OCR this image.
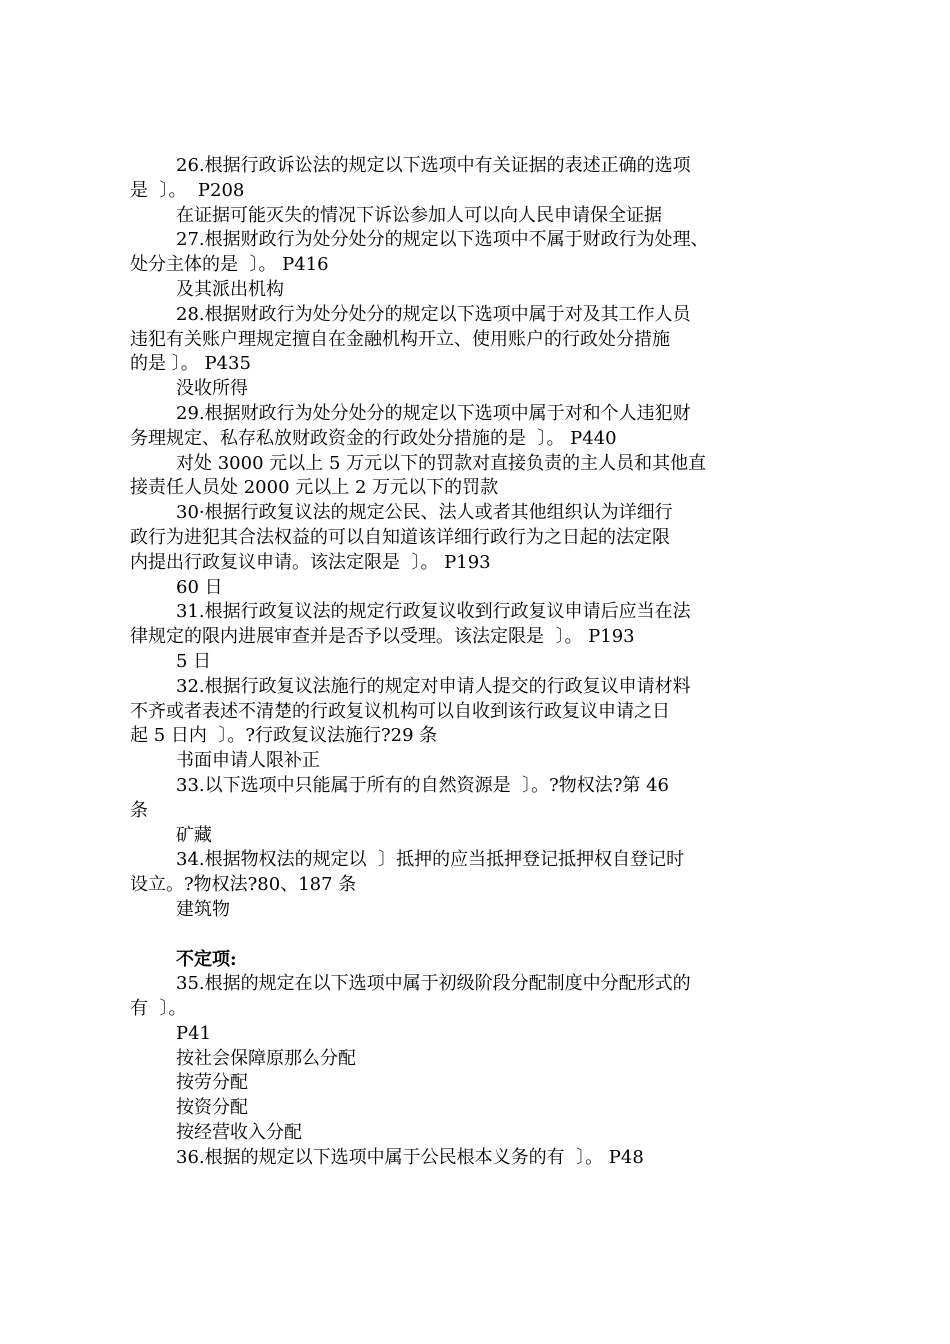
26.根据行政诉讼法的规定以下选项中有关证据的表述正确的选项
是  〕。  P208
在证据可能灭失的情况下诉讼参加人可以向人民申请保全证据
27.根据财政行为处分处分的规定以下选项中不属于财政行为处理、
处分主体的是  〕。 P416
及其派出机构
28.根据财政行为处分处分的规定以下选项中属于对及其工作人员
违犯有关账户理规定擅自在金融机构开立、使用账户的行政处分措施
的是 〕。 P435
没收所得
29.根据财政行为处分处分的规定以下选项中属于对和个人违犯财
务理规定、私存私放财政资金的行政处分措施的是  〕。 P440
对处 3000 元以上 5 万元以下的罚款对直接负责的主人员和其他直
接责任人员处 2000 元以上 2 万元以下的罚款
30·根据行政复议法的规定公民、法人或者其他组织认为详细行
政行为进犯其合法权益的可以自知道该详细行政行为之日起的法定限
内提出行政复议申请。该法定限是  〕。 P193
60 日
31.根据行政复议法的规定行政复议收到行政复议申请后应当在法
律规定的限内进展审查并是否予以受理。该法定限是  〕。 P193
5 日
32.根据行政复议法施行的规定对申请人提交的行政复议申请材料
不齐或者表述不清楚的行政复议机构可以自收到该行政复议申请之日
起 5 日内  〕。?行政复议法施行?29 条
书面申请人限补正
33.以下选项中只能属于所有的自然资源是  〕。?物权法?第 46
条
矿藏
34.根据物权法的规定以  〕抵押的应当抵押登记抵押权自登记时
设立。?物权法?80、187 条
建筑物
不定项:
35.根据的规定在以下选项中属于初级阶段分配制度中分配形式的
有  〕。
P41
按社会保障原那么分配
按劳分配
按资分配
按经营收入分配
36.根据的规定以下选项中属于公民根本义务的有  〕。 P48
